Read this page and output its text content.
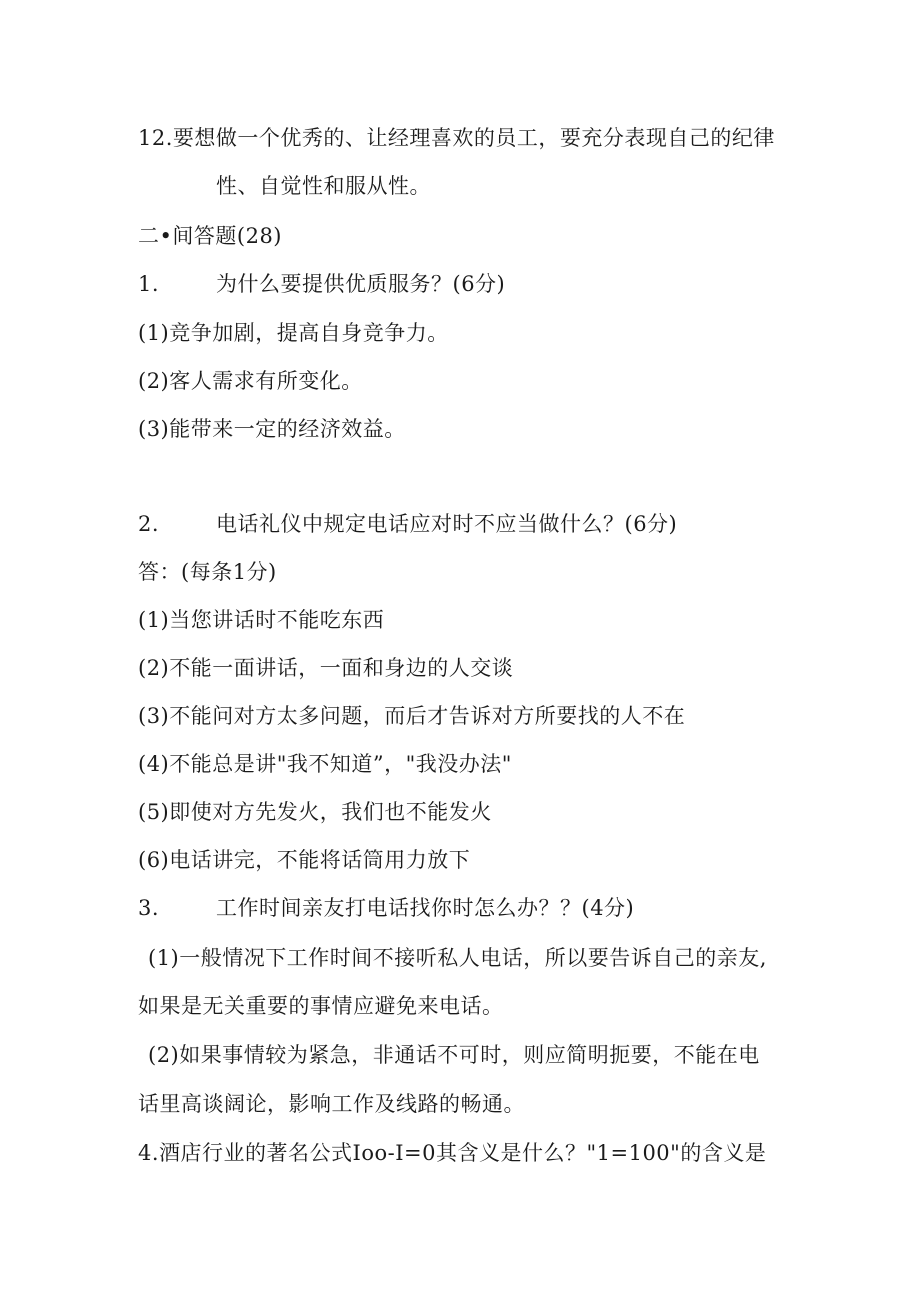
12.要想做一个优秀的、让经理喜欢的员工，要充分表现自己的纪律
性、自觉性和服从性。
二•间答题(28)
1.	为什么要提供优质服务？(6分)
(1)竞争加剧，提高自身竞争力。
(2)客人需求有所变化。
(3)能带来一定的经济效益。
2.	电话礼仪中规定电话应对时不应当做什么？(6分)
答：(每条1分)
(1)当您讲话时不能吃东西
(2)不能一面讲话，一面和身边的人交谈
(3)不能问对方太多问题，而后才告诉对方所要找的人不在
(4)不能总是讲"我不知道”，"我没办法"
(5)即使对方先发火，我们也不能发火
(6)电话讲完，不能将话筒用力放下
3.	工作时间亲友打电话找你时怎么办？？(4分)
(1)一般情况下工作时间不接听私人电话，所以要告诉自己的亲友,
如果是无关重要的事情应避免来电话。
(2)如果事情较为紧急，非通话不可时，则应简明扼要，不能在电
话里高谈阔论，影响工作及线路的畅通。
4.酒店行业的著名公式Ioo-I=0其含义是什么？"1=100"的含义是
